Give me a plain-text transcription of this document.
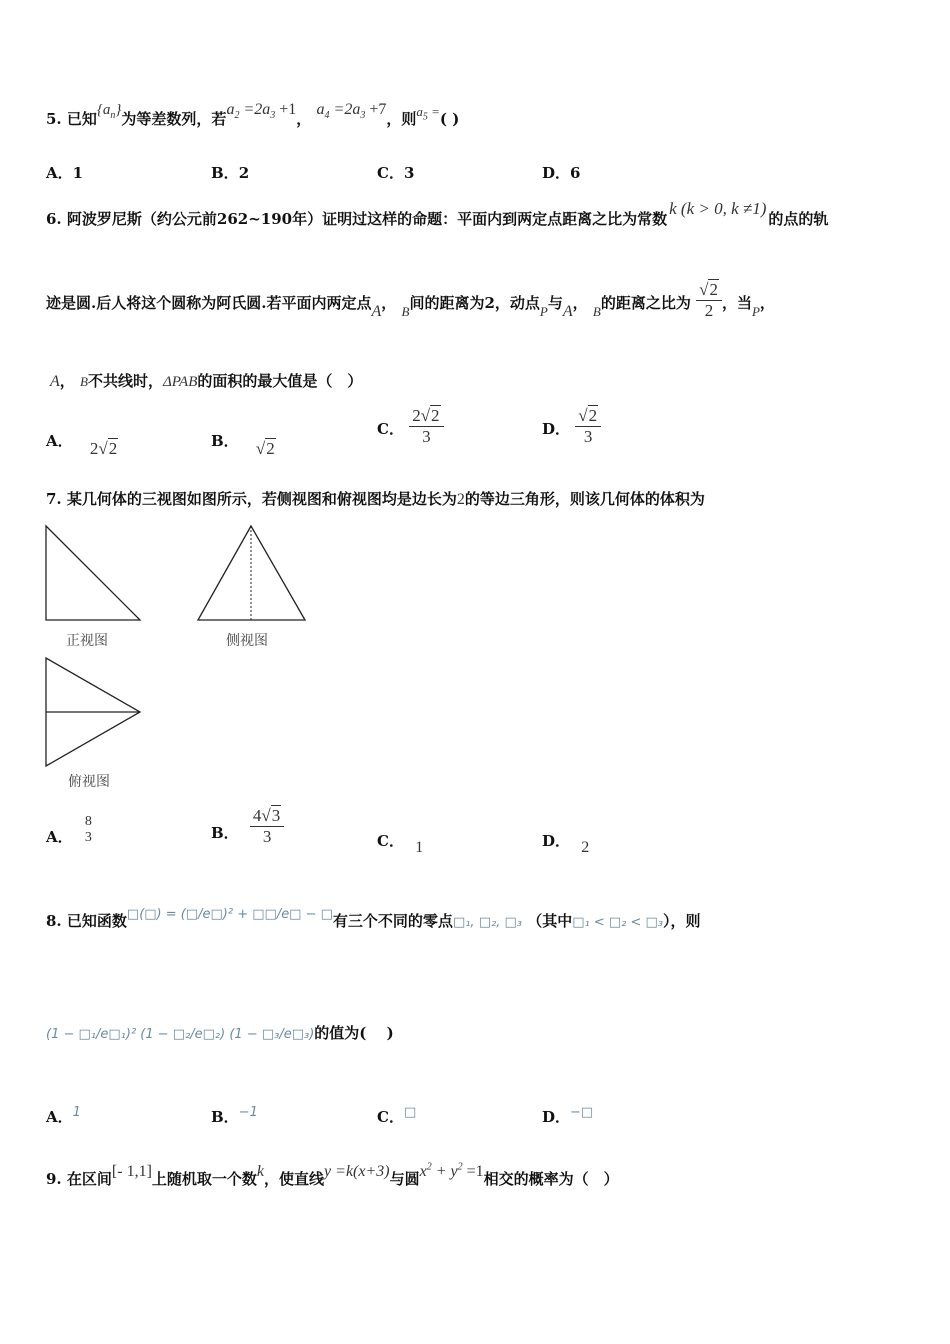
5. 已知$\{a_n\}$为等差数列，若$a_2 =2a_3 +1$， $a_4 =2a_3 +7$，则$a_5$ =( )
A．1	B．2	C．3	D．6
6. 阿波罗尼斯（约公元前262~190年）证明过这样的命题：平面内到两定点距离之比为常数k (k > 0, k ≠1)的点的轨
迹是圆.后人将这个圆称为阿氏圆.若平面内两定点A， B间的距离为2，动点P与A， B的距离之比为 $\frac{√2}{2}$ ，当P，
A， B不共线时，ΔPAB的面积的最大值是（　）
A． 2√2	B． √2
C． $\frac{2√2}{3}$	D． $\frac{√2}{3}$
7. 某几何体的三视图如图所示，若侧视图和俯视图均是边长为2的等边三角形，则该几何体的体积为
正视图	侧视图
俯视图
A．
8
3	B． $\frac{4√3}{3}$	C． 1	D． 2
8. 已知函数□(□) = (□/e□)² + □□/e□ − □有三个不同的零点□₁, □₂, □₃ （其中□₁ < □₂ < □₃），则
(1 − □₁/e□₁)² (1 − □₂/e□₂) (1 − □₃/e□₃)的值为(　 )
A．1	B．−1	C．□	D．−□
9. 在区间[- 1,1]上随机取一个数k，使直线y =k(x+3)与圆$x^2 + y^2 =1$相交的概率为（　）
